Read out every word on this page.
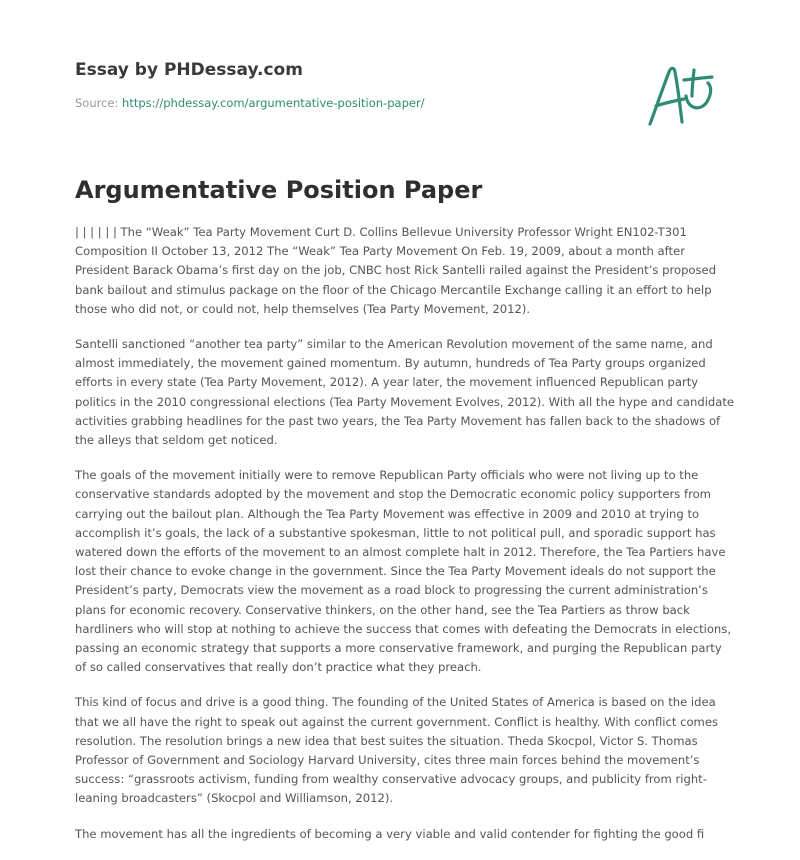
Essay by PHDessay.com
Source: https://phdessay.com/argumentative-position-paper/
Argumentative Position Paper

| | | | | | The “Weak” Tea Party Movement Curt D. Collins Bellevue University Professor Wright EN102-T301 Composition II October 13, 2012 The “Weak” Tea Party Movement On Feb. 19, 2009, about a month after President Barack Obama’s first day on the job, CNBC host Rick Santelli railed against the President’s proposed bank bailout and stimulus package on the floor of the Chicago Mercantile Exchange calling it an effort to help those who did not, or could not, help themselves (Tea Party Movement, 2012).

Santelli sanctioned “another tea party” similar to the American Revolution movement of the same name, and almost immediately, the movement gained momentum. By autumn, hundreds of Tea Party groups organized efforts in every state (Tea Party Movement, 2012). A year later, the movement influenced Republican party politics in the 2010 congressional elections (Tea Party Movement Evolves, 2012). With all the hype and candidate activities grabbing headlines for the past two years, the Tea Party Movement has fallen back to the shadows of the alleys that seldom get noticed.

The goals of the movement initially were to remove Republican Party officials who were not living up to the conservative standards adopted by the movement and stop the Democratic economic policy supporters from carrying out the bailout plan. Although the Tea Party Movement was effective in 2009 and 2010 at trying to accomplish it’s goals, the lack of a substantive spokesman, little to not political pull, and sporadic support has watered down the efforts of the movement to an almost complete halt in 2012. Therefore, the Tea Partiers have lost their chance to evoke change in the government. Since the Tea Party Movement ideals do not support the President’s party, Democrats view the movement as a road block to progressing the current administration’s plans for economic recovery. Conservative thinkers, on the other hand, see the Tea Partiers as throw back hardliners who will stop at nothing to achieve the success that comes with defeating the Democrats in elections, passing an economic strategy that supports a more conservative framework, and purging the Republican party of so called conservatives that really don’t practice what they preach.

This kind of focus and drive is a good thing. The founding of the United States of America is based on the idea that we all have the right to speak out against the current government. Conflict is healthy. With conflict comes resolution. The resolution brings a new idea that best suites the situation. Theda Skocpol, Victor S. Thomas Professor of Government and Sociology Harvard University, cites three main forces behind the movement’s success: “grassroots activism, funding from wealthy conservative advocacy groups, and publicity from right-leaning broadcasters” (Skocpol and Williamson, 2012).

The movement has all the ingredients of becoming a very viable and valid contender for fighting the good fi
